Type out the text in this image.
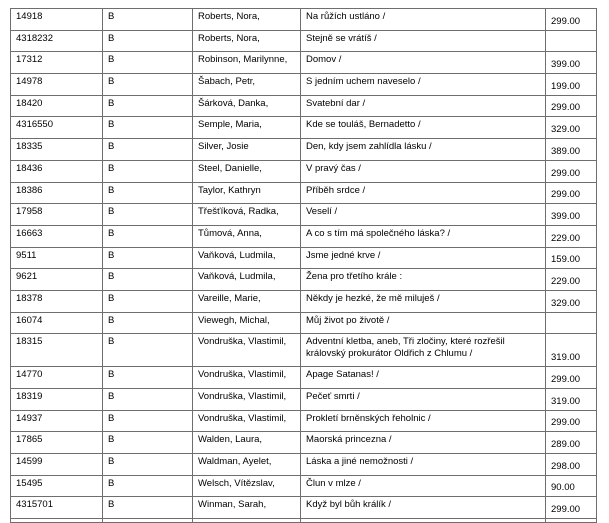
14918	B	Roberts, Nora,	Na růžích ustláno /	299.00
4318232	B	Roberts, Nora,	Stejně se vrátíš /	
17312	B	Robinson, Marilynne,	Domov /	399.00
14978	B	Šabach, Petr,	S jedním uchem naveselo /	199.00
18420	B	Šárková, Danka,	Svatební dar /	299.00
4316550	B	Semple, Maria,	Kde se touláš, Bernadetto /	329.00
18335	B	Silver, Josie	Den, kdy jsem zahlídla lásku /	389.00
18436	B	Steel, Danielle,	V pravý čas /	299.00
18386	B	Taylor, Kathryn	Příběh srdce /	299.00
17958	B	Třešťíková, Radka,	Veselí /	399.00
16663	B	Tůmová, Anna,	A co s tím má společného láska? /	229.00
9511	B	Vaňková, Ludmila,	Jsme jedné krve /	159.00
9621	B	Vaňková, Ludmila,	Žena pro třetího krále :	229.00
18378	B	Vareille, Marie,	Někdy je hezké, že mě miluješ /	329.00
16074	B	Viewegh, Michal,	Můj život po životě /	
18315	B	Vondruška, Vlastimil,	Adventní kletba, aneb, Tři zločiny, které rozřešil královský prokurátor Oldřich z Chlumu /	319.00
14770	B	Vondruška, Vlastimil,	Apage Satanas! /	299.00
18319	B	Vondruška, Vlastimil,	Pečeť smrti /	319.00
14937	B	Vondruška, Vlastimil,	Prokletí brněnských řeholnic /	299.00
17865	B	Walden, Laura,	Maorská princezna /	289.00
14599	B	Waldman, Ayelet,	Láska a jiné nemožnosti /	298.00
15495	B	Welsch, Vítězslav,	Člun v mlze /	90.00
4315701	B	Winman, Sarah,	Když byl bůh králík /	299.00
